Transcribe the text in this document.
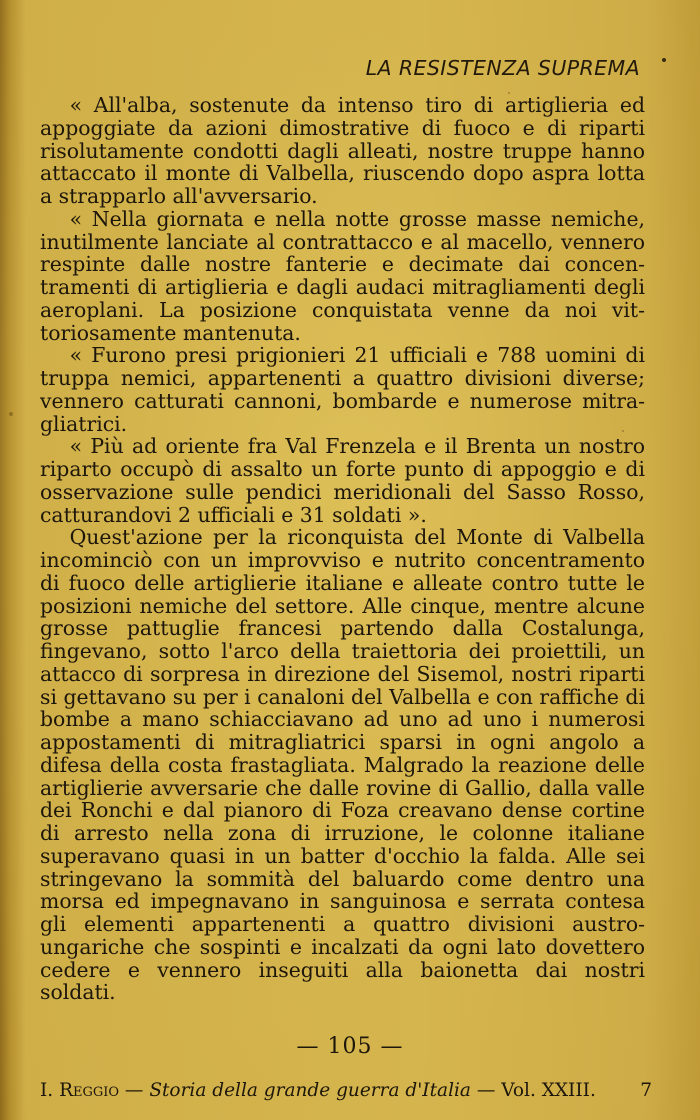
LA RESISTENZA SUPREMA

« All'alba, sostenute da intenso tiro di artiglieria ed appoggiate da azioni dimostrative di fuoco e di riparti risolutamente condotti dagli alleati, nostre truppe hanno attaccato il monte di Valbella, riuscendo dopo aspra lotta a strapparlo all'avversario.

« Nella giornata e nella notte grosse masse nemiche, inutilmente lanciate al contrattacco e al macello, vennero respinte dalle nostre fanterie e decimate dai concentramenti di artiglieria e dagli audaci mitragliamenti degli aeroplani. La posizione conquistata venne da noi vittoriosamente mantenuta.

« Furono presi prigionieri 21 ufficiali e 788 uomini di truppa nemici, appartenenti a quattro divisioni diverse; vennero catturati cannoni, bombarde e numerose mitragliatrici.

« Più ad oriente fra Val Frenzela e il Brenta un nostro riparto occupò di assalto un forte punto di appoggio e di osservazione sulle pendici meridionali del Sasso Rosso, catturandovi 2 ufficiali e 31 soldati ».

Quest'azione per la riconquista del Monte di Valbella incominciò con un improvviso e nutrito concentramento di fuoco delle artiglierie italiane e alleate contro tutte le posizioni nemiche del settore. Alle cinque, mentre alcune grosse pattuglie francesi partendo dalla Costalunga, fingevano, sotto l'arco della traiettoria dei proiettili, un attacco di sorpresa in direzione del Sisemol, nostri riparti si gettavano su per i canaloni del Valbella e con raffiche di bombe a mano schiacciavano ad uno ad uno i numerosi appostamenti di mitragliatrici sparsi in ogni angolo a difesa della costa frastagliata. Malgrado la reazione delle artiglierie avversarie che dalle rovine di Gallio, dalla valle dei Ronchi e dal pianoro di Foza creavano dense cortine di arresto nella zona di irruzione, le colonne italiane superavano quasi in un batter d'occhio la falda. Alle sei stringevano la sommità del baluardo come dentro una morsa ed impegnavano in sanguinosa e serrata contesa gli elementi appartenenti a quattro divisioni austro-ungariche che sospinti e incalzati da ogni lato dovettero cedere e vennero inseguiti alla baionetta dai nostri soldati.

— 105 —
I. Reggio — Storia della grande guerra d'Italia — Vol. XXIII. 7
